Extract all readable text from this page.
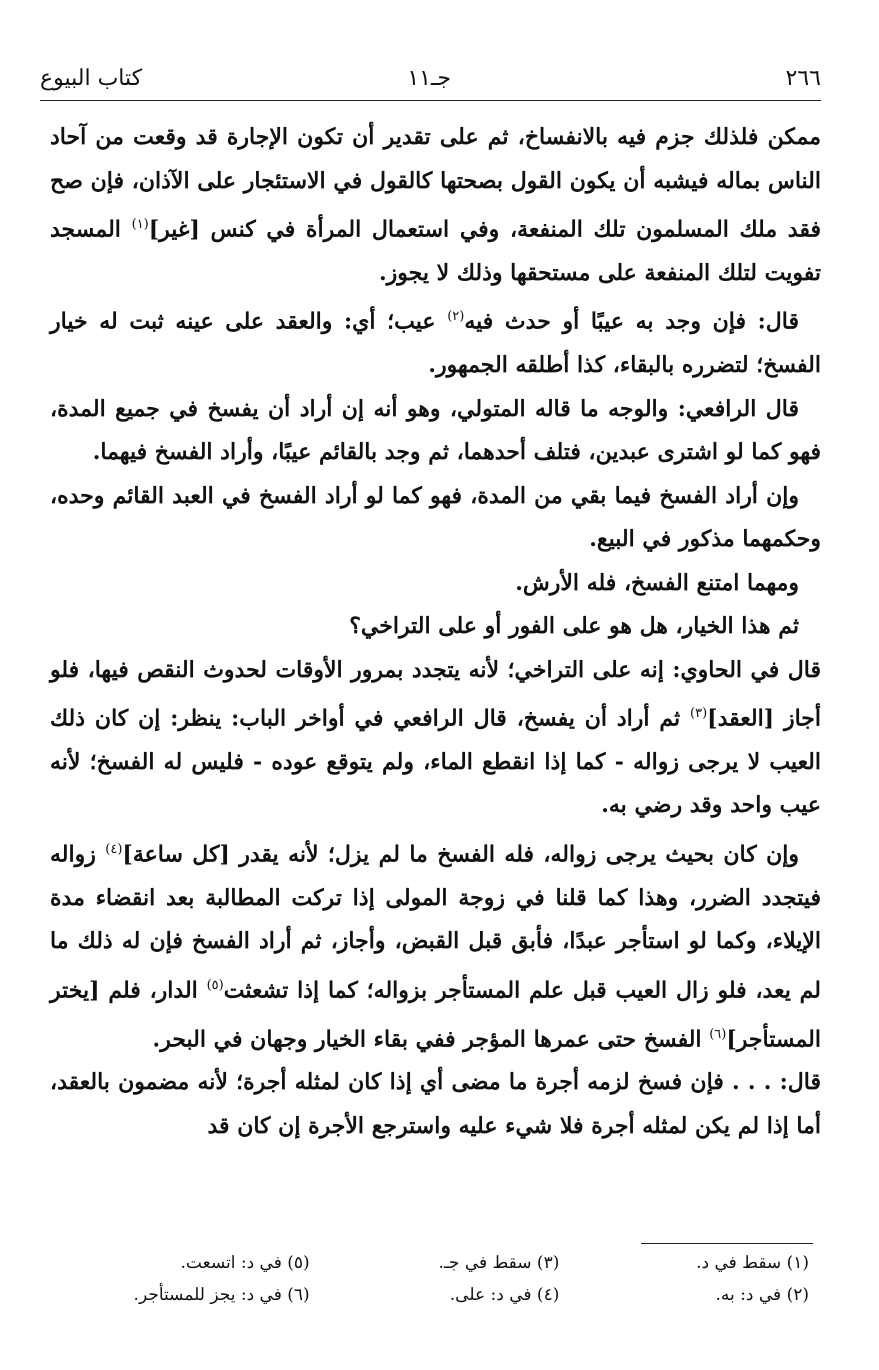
٢٦٦
جـ١١
كتاب البيوع

ممكن فلذلك جزم فيه بالانفساخ، ثم على تقدير أن تكون الإجارة قد وقعت من آحاد الناس بماله فيشبه أن يكون القول بصحتها كالقول في الاستئجار على الآذان، فإن صح فقد ملك المسلمون تلك المنفعة، وفي استعمال المرأة في كنس [غير]$^{(١)}$ المسجد تفويت لتلك المنفعة على مستحقها وذلك لا يجوز.

قال: فإن وجد به عيبًا أو حدث فيه$^{(٢)}$ عيب؛ أي: والعقد على عينه ثبت له خيار الفسخ؛ لتضرره بالبقاء، كذا أطلقه الجمهور.

قال الرافعي: والوجه ما قاله المتولي، وهو أنه إن أراد أن يفسخ في جميع المدة، فهو كما لو اشترى عبدين، فتلف أحدهما، ثم وجد بالقائم عيبًا، وأراد الفسخ فيهما.

وإن أراد الفسخ فيما بقي من المدة، فهو كما لو أراد الفسخ في العبد القائم وحده، وحكمهما مذكور في البيع.

ومهما امتنع الفسخ، فله الأرش.

ثم هذا الخيار، هل هو على الفور أو على التراخي؟

قال في الحاوي: إنه على التراخي؛ لأنه يتجدد بمرور الأوقات لحدوث النقص فيها، فلو أجاز [العقد]$^{(٣)}$ ثم أراد أن يفسخ، قال الرافعي في أواخر الباب: ينظر: إن كان ذلك العيب لا يرجى زواله - كما إذا انقطع الماء، ولم يتوقع عوده - فليس له الفسخ؛ لأنه عيب واحد وقد رضي به.

وإن كان بحيث يرجى زواله، فله الفسخ ما لم يزل؛ لأنه يقدر [كل ساعة]$^{(٤)}$ زواله فيتجدد الضرر، وهذا كما قلنا في زوجة المولى إذا تركت المطالبة بعد انقضاء مدة الإيلاء، وكما لو استأجر عبدًا، فأبق قبل القبض، وأجاز، ثم أراد الفسخ فإن له ذلك ما لم يعد، فلو زال العيب قبل علم المستأجر بزواله؛ كما إذا تشعثت$^{(٥)}$ الدار، فلم [يختر المستأجر]$^{(٦)}$ الفسخ حتى عمرها المؤجر ففي بقاء الخيار وجهان في البحر.

قال: . . . فإن فسخ لزمه أجرة ما مضى أي إذا كان لمثله أجرة؛ لأنه مضمون بالعقد، أما إذا لم يكن لمثله أجرة فلا شيء عليه واسترجع الأجرة إن كان قد

(١) سقط في د.
(٣) سقط في جـ.
(٥) في د: اتسعت.
(٢) في د: به.
(٤) في د: على.
(٦) في د: يجز للمستأجر.
